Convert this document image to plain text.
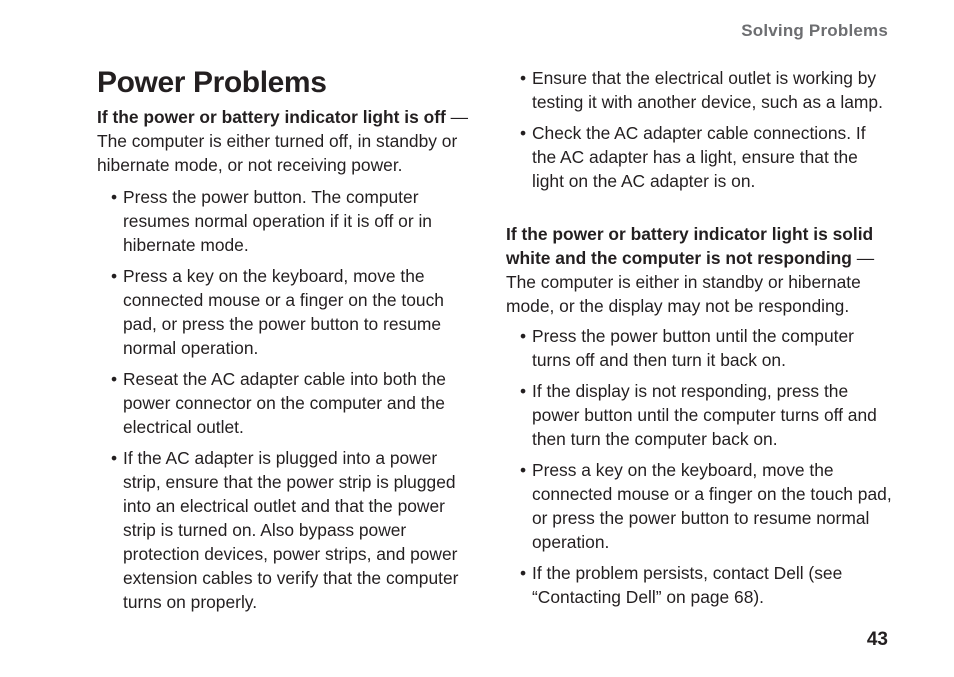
Solving Problems
Power Problems

If the power or battery indicator light is off —
The computer is either turned off, in standby or hibernate mode, or not receiving power.

• Press the power button. The computer resumes normal operation if it is off or in hibernate mode.
• Press a key on the keyboard, move the connected mouse or a finger on the touch pad, or press the power button to resume normal operation.
• Reseat the AC adapter cable into both the power connector on the computer and the electrical outlet.
• If the AC adapter is plugged into a power strip, ensure that the power strip is plugged into an electrical outlet and that the power strip is turned on. Also bypass power protection devices, power strips, and power extension cables to verify that the computer turns on properly.
• Ensure that the electrical outlet is working by testing it with another device, such as a lamp.
• Check the AC adapter cable connections. If the AC adapter has a light, ensure that the light on the AC adapter is on.

If the power or battery indicator light is solid white and the computer is not responding —
The computer is either in standby or hibernate mode, or the display may not be responding.

• Press the power button until the computer turns off and then turn it back on.
• If the display is not responding, press the power button until the computer turns off and then turn the computer back on.
• Press a key on the keyboard, move the connected mouse or a finger on the touch pad, or press the power button to resume normal operation.
• If the problem persists, contact Dell (see “Contacting Dell” on page 68).
43
